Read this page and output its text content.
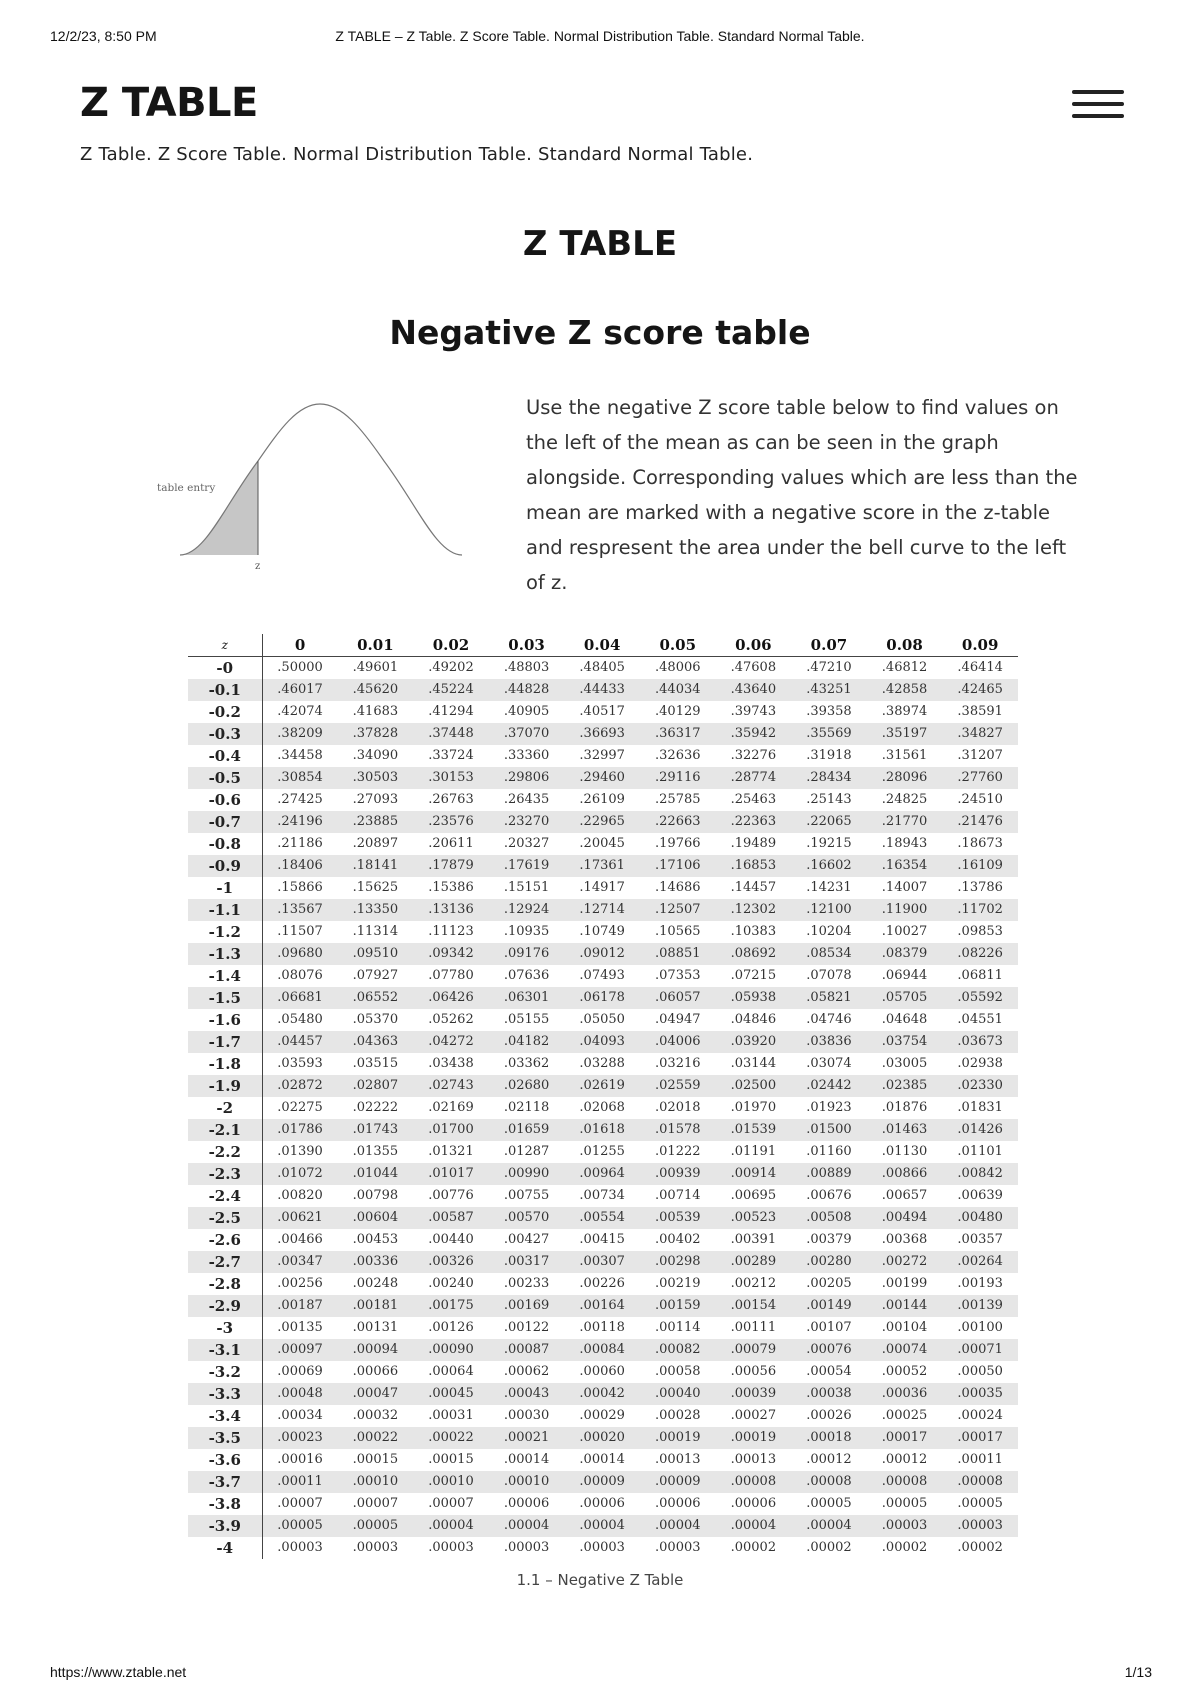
12/2/23, 8:50 PM	Z TABLE – Z Table. Z Score Table. Normal Distribution Table. Standard Normal Table.
Z TABLE

Z Table. Z Score Table. Normal Distribution Table. Standard Normal Table.

Z TABLE
Negative Z score table
table entry
z

Use the negative Z score table below to find values on the left of the mean as can be seen in the graph alongside. Corresponding values which are less than the mean are marked with a negative score in the z-table and respresent the area under the bell curve to the left of z.

z	0	0.01	0.02	0.03	0.04	0.05	0.06	0.07	0.08	0.09
-0	.50000	.49601	.49202	.48803	.48405	.48006	.47608	.47210	.46812	.46414
-0.1	.46017	.45620	.45224	.44828	.44433	.44034	.43640	.43251	.42858	.42465
-0.2	.42074	.41683	.41294	.40905	.40517	.40129	.39743	.39358	.38974	.38591
-0.3	.38209	.37828	.37448	.37070	.36693	.36317	.35942	.35569	.35197	.34827
-0.4	.34458	.34090	.33724	.33360	.32997	.32636	.32276	.31918	.31561	.31207
-0.5	.30854	.30503	.30153	.29806	.29460	.29116	.28774	.28434	.28096	.27760
-0.6	.27425	.27093	.26763	.26435	.26109	.25785	.25463	.25143	.24825	.24510
-0.7	.24196	.23885	.23576	.23270	.22965	.22663	.22363	.22065	.21770	.21476
-0.8	.21186	.20897	.20611	.20327	.20045	.19766	.19489	.19215	.18943	.18673
-0.9	.18406	.18141	.17879	.17619	.17361	.17106	.16853	.16602	.16354	.16109
-1	.15866	.15625	.15386	.15151	.14917	.14686	.14457	.14231	.14007	.13786
-1.1	.13567	.13350	.13136	.12924	.12714	.12507	.12302	.12100	.11900	.11702
-1.2	.11507	.11314	.11123	.10935	.10749	.10565	.10383	.10204	.10027	.09853
-1.3	.09680	.09510	.09342	.09176	.09012	.08851	.08692	.08534	.08379	.08226
-1.4	.08076	.07927	.07780	.07636	.07493	.07353	.07215	.07078	.06944	.06811
-1.5	.06681	.06552	.06426	.06301	.06178	.06057	.05938	.05821	.05705	.05592
-1.6	.05480	.05370	.05262	.05155	.05050	.04947	.04846	.04746	.04648	.04551
-1.7	.04457	.04363	.04272	.04182	.04093	.04006	.03920	.03836	.03754	.03673
-1.8	.03593	.03515	.03438	.03362	.03288	.03216	.03144	.03074	.03005	.02938
-1.9	.02872	.02807	.02743	.02680	.02619	.02559	.02500	.02442	.02385	.02330
-2	.02275	.02222	.02169	.02118	.02068	.02018	.01970	.01923	.01876	.01831
-2.1	.01786	.01743	.01700	.01659	.01618	.01578	.01539	.01500	.01463	.01426
-2.2	.01390	.01355	.01321	.01287	.01255	.01222	.01191	.01160	.01130	.01101
-2.3	.01072	.01044	.01017	.00990	.00964	.00939	.00914	.00889	.00866	.00842
-2.4	.00820	.00798	.00776	.00755	.00734	.00714	.00695	.00676	.00657	.00639
-2.5	.00621	.00604	.00587	.00570	.00554	.00539	.00523	.00508	.00494	.00480
-2.6	.00466	.00453	.00440	.00427	.00415	.00402	.00391	.00379	.00368	.00357
-2.7	.00347	.00336	.00326	.00317	.00307	.00298	.00289	.00280	.00272	.00264
-2.8	.00256	.00248	.00240	.00233	.00226	.00219	.00212	.00205	.00199	.00193
-2.9	.00187	.00181	.00175	.00169	.00164	.00159	.00154	.00149	.00144	.00139
-3	.00135	.00131	.00126	.00122	.00118	.00114	.00111	.00107	.00104	.00100
-3.1	.00097	.00094	.00090	.00087	.00084	.00082	.00079	.00076	.00074	.00071
-3.2	.00069	.00066	.00064	.00062	.00060	.00058	.00056	.00054	.00052	.00050
-3.3	.00048	.00047	.00045	.00043	.00042	.00040	.00039	.00038	.00036	.00035
-3.4	.00034	.00032	.00031	.00030	.00029	.00028	.00027	.00026	.00025	.00024
-3.5	.00023	.00022	.00022	.00021	.00020	.00019	.00019	.00018	.00017	.00017
-3.6	.00016	.00015	.00015	.00014	.00014	.00013	.00013	.00012	.00012	.00011
-3.7	.00011	.00010	.00010	.00010	.00009	.00009	.00008	.00008	.00008	.00008
-3.8	.00007	.00007	.00007	.00006	.00006	.00006	.00006	.00005	.00005	.00005
-3.9	.00005	.00005	.00004	.00004	.00004	.00004	.00004	.00004	.00003	.00003
-4	.00003	.00003	.00003	.00003	.00003	.00003	.00002	.00002	.00002	.00002

1.1 – Negative Z Table

https://www.ztable.net	1/13
